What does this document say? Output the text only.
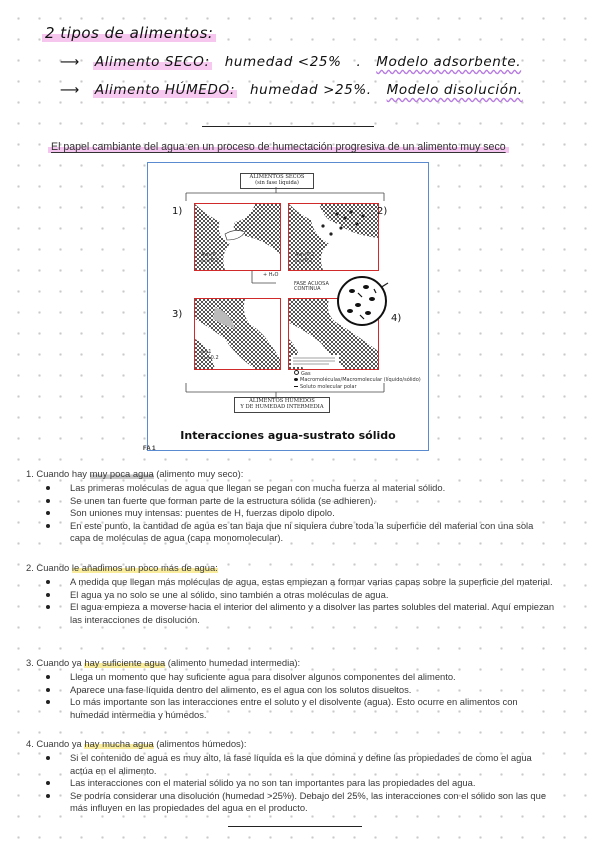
2 tipos de alimentos:
⟶ Alimento SECO: humedad <25% . Modelo adsorbente.
⟶ Alimento HÚMEDO: humedad >25%. Modelo disolución.
El papel cambiante del agua en un proceso de humectación progresiva de un alimento muy seco
ALIMENTOS SECOS
(sin fase líquida)
Aw≈0
εₐₗ≈0.2
Aw≈0.2
εₐₗ≈0.2
+ H₂O
a≈1
εₐₗ≈0.2
FASE ACUOSA
CONTINUA
Gas
Macromoléculas/Macromolecular (líquido/sólido)
Soluto molecular polar
ALIMENTOS HÚMEDOS
Y DE HUMEDAD INTERMEDIA
Interacciones agua-sustrato sólido
1)	2)
3)	4)
FA 1
1. Cuando hay muy poca agua (alimento muy seco):
Las primeras moléculas de agua que llegan se pegan con mucha fuerza al material sólido.
Se unen tan fuerte que forman parte de la estructura sólida (se adhieren).
Son uniones muy intensas: puentes de H, fuerzas dipolo dipolo.
En este punto, la cantidad de agua es tan baja que ni siquiera cubre toda la superficie del material con una sola capa de moléculas de agua (capa monomolecular).
2. Cuando le añadimos un poco más de agua:
A medida que llegan más moléculas de agua, estas empiezan a formar varias capas sobre la superficie del material.
El agua ya no solo se une al sólido, sino también a otras moléculas de agua.
El agua empieza a moverse hacia el interior del alimento y a disolver las partes solubles del material. Aquí empiezan las interacciones de disolución.
3. Cuando ya hay suficiente agua (alimento humedad intermedia):
Llega un momento que hay suficiente agua para disolver algunos componentes del alimento.
Aparece una fase líquida dentro del alimento, es el agua con los solutos disueltos.
Lo más importante son las interacciones entre el soluto y el disolvente (agua). Esto ocurre en alimentos con humedad intermedia y húmedos.
4. Cuando ya hay mucha agua (alimentos húmedos):
Si el contenido de agua es muy alto, la fase líquida es la que domina y define las propiedades de como el agua actúa en el alimento.
Las interacciones con el material sólido ya no son tan importantes para las propiedades del agua.
Se podría considerar una disolución (humedad >25%). Debajo del 25%, las interacciones con el sólido son las que más influyen en las propiedades del agua en el producto.
